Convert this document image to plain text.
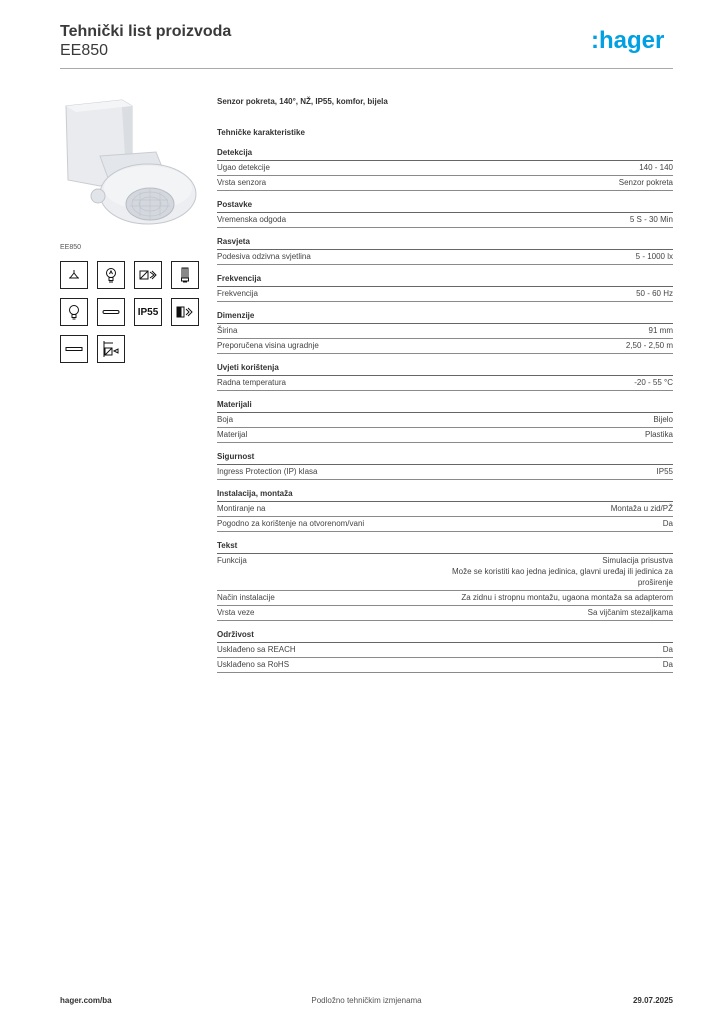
Tehnički list proizvoda
EE850	:hager
EE850
IP55
Senzor pokreta, 140°, NŽ, IP55, komfor, bijela
Tehničke karakteristike
Detekcija
Ugao detekcije	140 - 140
Vrsta senzora	Senzor pokreta
Postavke
Vremenska odgoda	5 S - 30 Min
Rasvjeta
Podesiva odzivna svjetlina	5 - 1000 lx
Frekvencija
Frekvencija	50 - 60 Hz
Dimenzije
Širina	91 mm
Preporučena visina ugradnje	2,50 - 2,50 m
Uvjeti korištenja
Radna temperatura	-20 - 55 °C
Materijali
Boja	Bijelo
Materijal	Plastika
Sigurnost
Ingress Protection (IP) klasa	IP55
Instalacija, montaža
Montiranje na	Montaža u zid/PŽ
Pogodno za korištenje na otvorenom/vani	Da
Tekst
Funkcija	Simulacija prisustva
Može se koristiti kao jedna jedinica, glavni uređaj ili jedinica za
proširenje
Način instalacije	Za zidnu i stropnu montažu, ugaona montaža sa adapterom
Vrsta veze	Sa vijčanim stezaljkama
Održivost
Usklađeno sa REACH	Da
Usklađeno sa RoHS	Da
hager.com/ba	Podložno tehničkim izmjenama	29.07.2025
